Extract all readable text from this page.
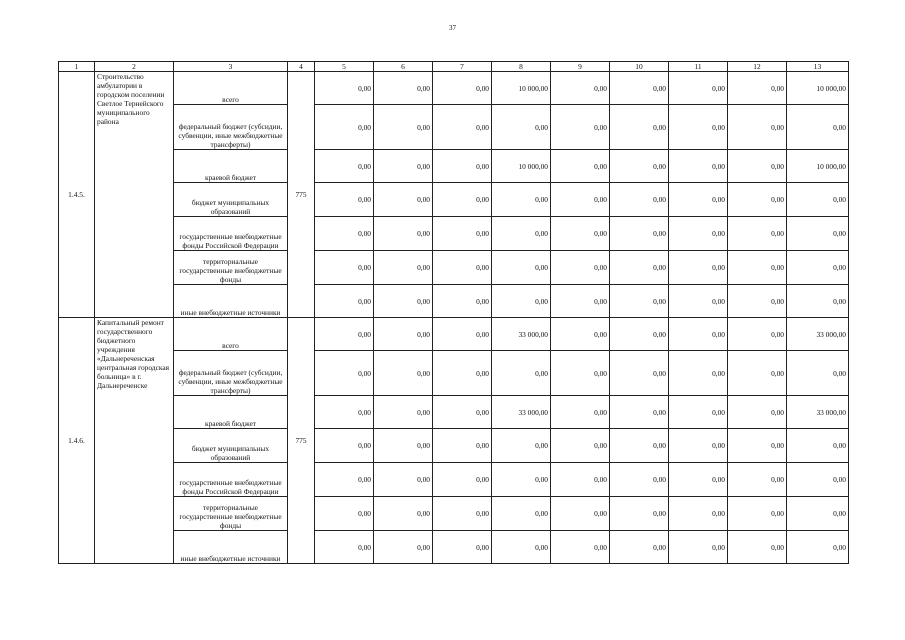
37
1	2	3	4	5	6	7	8	9	10	11	12	13
1.4.5.	Строительство амбулатории в городском поселении Светлое Тернейского муниципального района	всего	775	0,00	0,00	0,00	10 000,00	0,00	0,00	0,00	0,00	10 000,00
		федеральный бюджет (субсидии, субвенции, иные межбюджетные трансферты)		0,00	0,00	0,00	0,00	0,00	0,00	0,00	0,00	0,00
		краевой бюджет		0,00	0,00	0,00	10 000,00	0,00	0,00	0,00	0,00	10 000,00
		бюджет муниципальных образований		0,00	0,00	0,00	0,00	0,00	0,00	0,00	0,00	0,00
		государственные внебюджетные фонды Российской Федерации		0,00	0,00	0,00	0,00	0,00	0,00	0,00	0,00	0,00
		территориальные государственные внебюджетные фонды		0,00	0,00	0,00	0,00	0,00	0,00	0,00	0,00	0,00
		иные внебюджетные источники		0,00	0,00	0,00	0,00	0,00	0,00	0,00	0,00	0,00
1.4.6.	Капитальный ремонт государственного бюджетного учреждения «Дальнереченская центральная городская больница» в г. Дальнереченске	всего	775	0,00	0,00	0,00	33 000,00	0,00	0,00	0,00	0,00	33 000,00
		федеральный бюджет (субсидии, субвенции, иные межбюджетные трансферты)		0,00	0,00	0,00	0,00	0,00	0,00	0,00	0,00	0,00
		краевой бюджет		0,00	0,00	0,00	33 000,00	0,00	0,00	0,00	0,00	33 000,00
		бюджет муниципальных образований		0,00	0,00	0,00	0,00	0,00	0,00	0,00	0,00	0,00
		государственные внебюджетные фонды Российской Федерации		0,00	0,00	0,00	0,00	0,00	0,00	0,00	0,00	0,00
		территориальные государственные внебюджетные фонды		0,00	0,00	0,00	0,00	0,00	0,00	0,00	0,00	0,00
		иные внебюджетные источники		0,00	0,00	0,00	0,00	0,00	0,00	0,00	0,00	0,00
